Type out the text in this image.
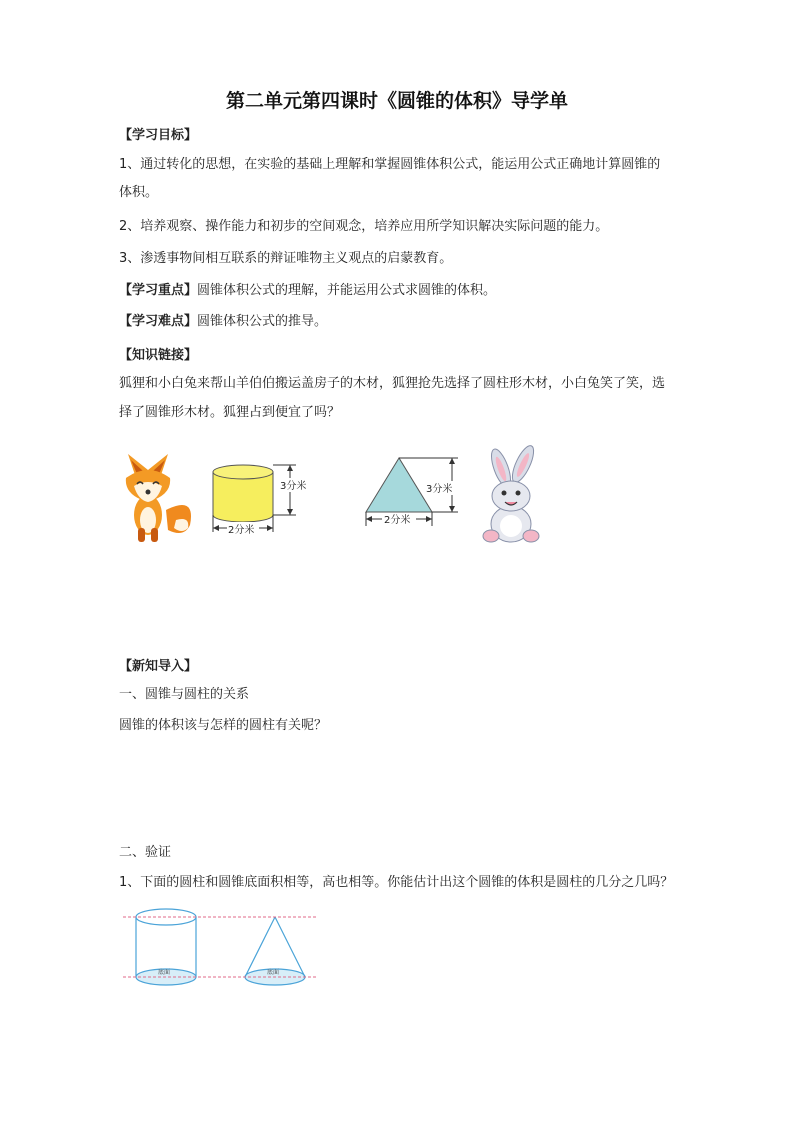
第二单元第四课时《圆锥的体积》导学单
【学习目标】
1、通过转化的思想，在实验的基础上理解和掌握圆锥体积公式，能运用公式正确地计算圆锥的
体积。
2、培养观察、操作能力和初步的空间观念，培养应用所学知识解决实际问题的能力。
3、渗透事物间相互联系的辩证唯物主义观点的启蒙教育。
【学习重点】圆锥体积公式的理解，并能运用公式求圆锥的体积。
【学习难点】圆锥体积公式的推导。
【知识链接】
狐狸和小白兔来帮山羊伯伯搬运盖房子的木材，狐狸抢先选择了圆柱形木材，小白兔笑了笑，选
择了圆锥形木材。狐狸占到便宜了吗？
3分米
2分米
3分米
2分米
【新知导入】
一、圆锥与圆柱的关系
圆锥的体积该与怎样的圆柱有关呢？
二、验证
1、下面的圆柱和圆锥底面积相等，高也相等。你能估计出这个圆锥的体积是圆柱的几分之几吗？
底面	底面
